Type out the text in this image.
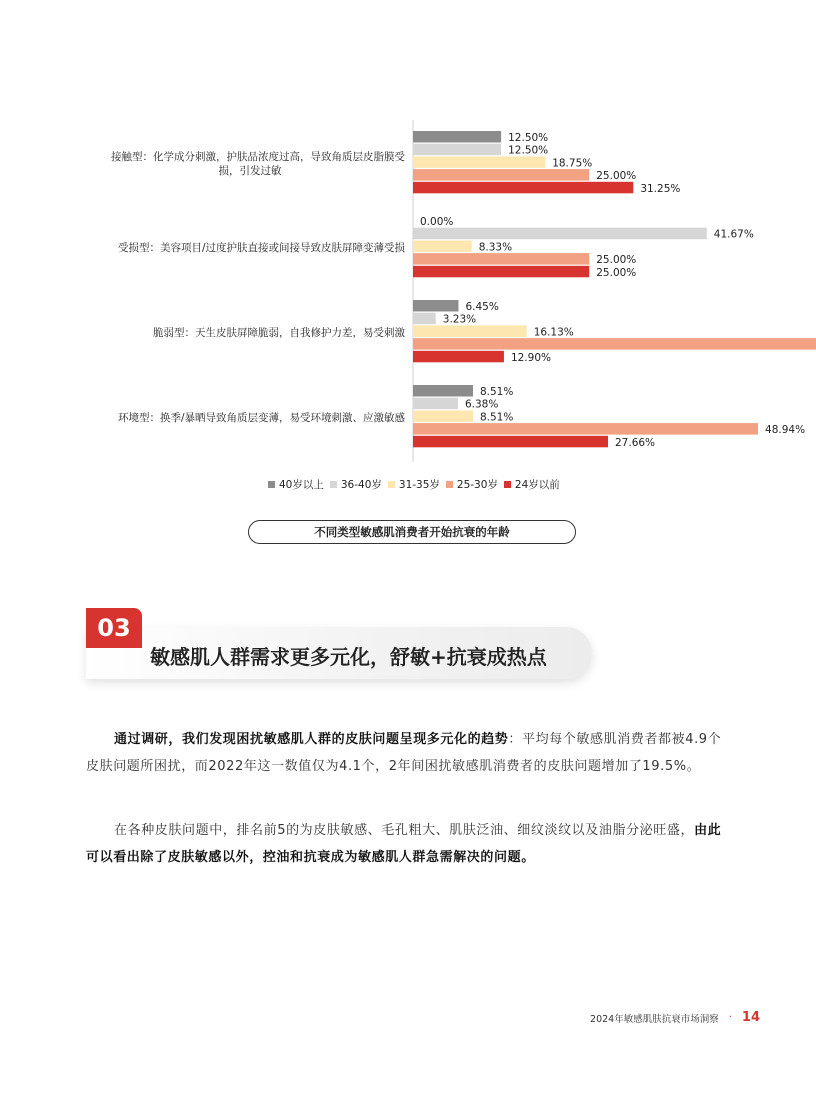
接触型：化学成分刺激，护肤品浓度过高，导致角质层皮脂膜受
损，引发过敏
12.50%
12.50%
18.75%
25.00%
31.25%
受损型：美容项目/过度护肤直接或间接导致皮肤屏障变薄受损
0.00%
41.67%
8.33%
25.00%
25.00%
脆弱型：天生皮肤屏障脆弱，自我修护力差，易受刺激
6.45%
3.23%
16.13%
12.90%
环境型：换季/暴晒导致角质层变薄，易受环境刺激、应激敏感
8.51%
6.38%
8.51%
48.94%
27.66%
40岁以上 36-40岁 31-35岁 25-30岁 24岁以前
不同类型敏感肌消费者开始抗衰的年龄
03
敏感肌人群需求更多元化，舒敏+抗衰成热点
通过调研，我们发现困扰敏感肌人群的皮肤问题呈现多元化的趋势：平均每个敏感肌消费者都被4.9个皮肤问题所困扰，而2022年这一数值仅为4.1个，2年间困扰敏感肌消费者的皮肤问题增加了19.5%。
在各种皮肤问题中，排名前5的为皮肤敏感、毛孔粗大、肌肤泛油、细纹淡纹以及油脂分泌旺盛，由此可以看出除了皮肤敏感以外，控油和抗衰成为敏感肌人群急需解决的问题。
2024年敏感肌肤抗衰市场洞察 · 14
